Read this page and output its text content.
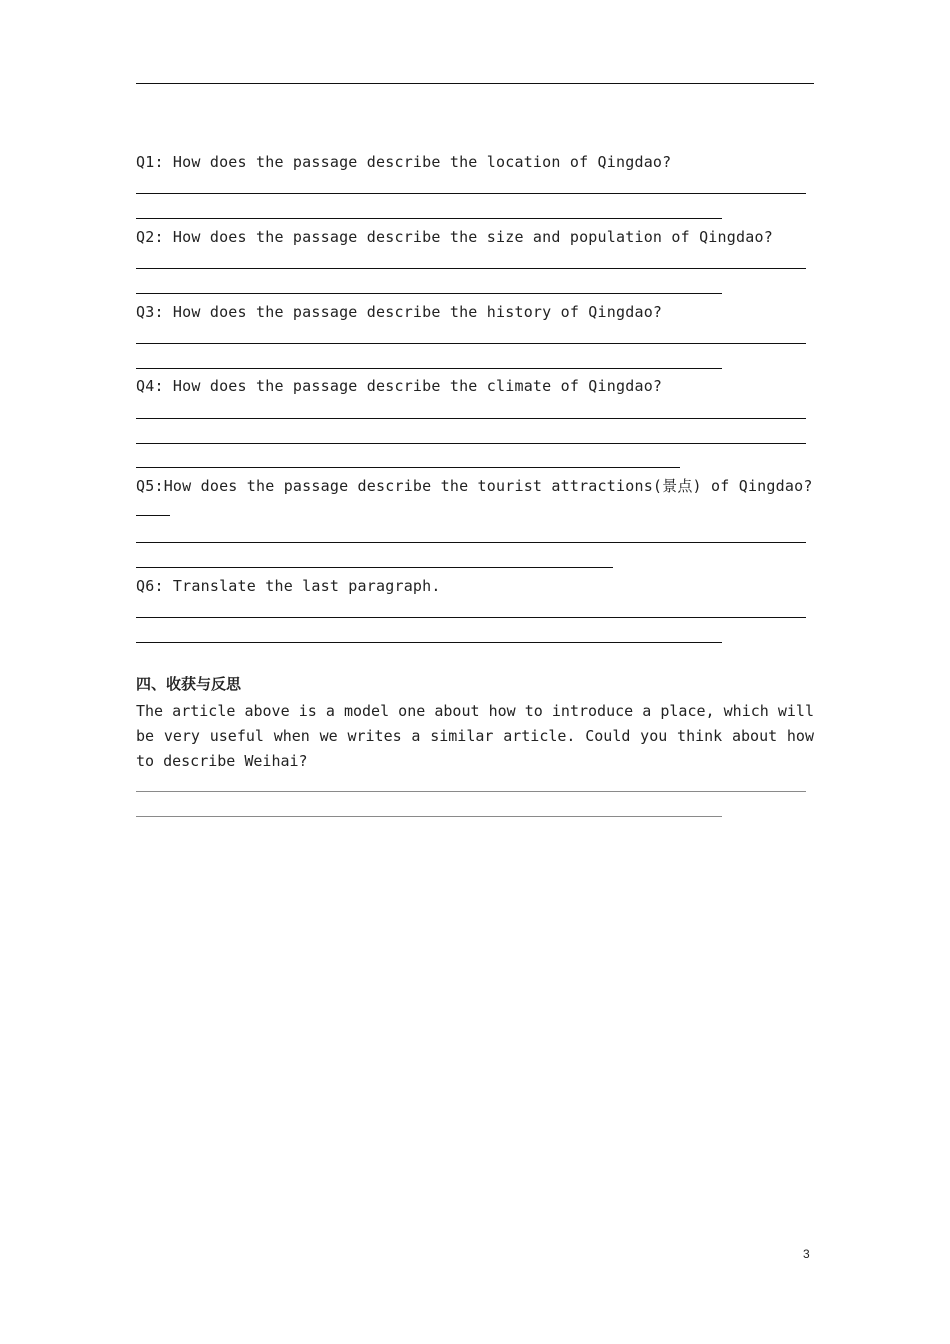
Q1: How does the passage describe the location of Qingdao?
Q2: How does the passage describe the size and population of Qingdao?
Q3: How does the passage describe the history of Qingdao?
Q4: How does the passage describe the climate of Qingdao?
Q5:How does the passage describe the tourist attractions(景点) of Qingdao?
Q6: Translate the last paragraph.
四、收获与反思
The article above is a model one about how to introduce a place, which will be very useful when we writes a similar article. Could you think about how to describe Weihai?
3
